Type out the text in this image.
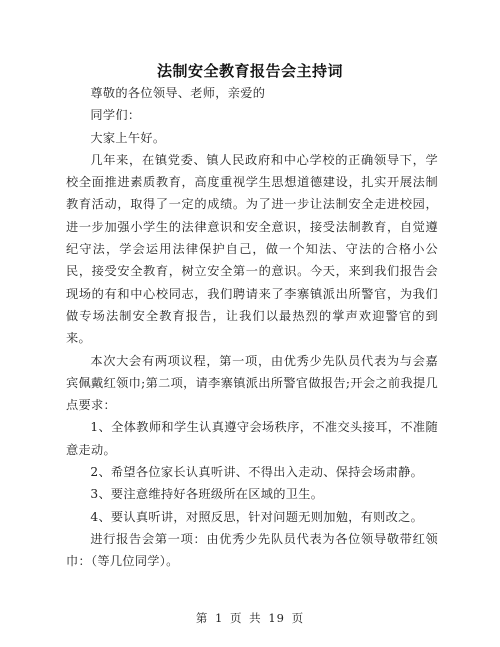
法制安全教育报告会主持词

尊敬的各位领导、老师，亲爱的

同学们：

大家上午好。

几年来，在镇党委、镇人民政府和中心学校的正确领导下，学校全面推进素质教育，高度重视学生思想道德建设，扎实开展法制教育活动，取得了一定的成绩。为了进一步让法制安全走进校园，进一步加强小学生的法律意识和安全意识，接受法制教育，自觉遵纪守法，学会运用法律保护自己，做一个知法、守法的合格小公民，接受安全教育，树立安全第一的意识。今天，来到我们报告会现场的有和中心校同志，我们聘请来了李寨镇派出所警官，为我们做专场法制安全教育报告，让我们以最热烈的掌声欢迎警官的到来。

本次大会有两项议程，第一项，由优秀少先队员代表为与会嘉宾佩戴红领巾;第二项，请李寨镇派出所警官做报告;开会之前我提几点要求：

1、全体教师和学生认真遵守会场秩序，不准交头接耳，不准随意走动。

2、希望各位家长认真听讲、不得出入走动、保持会场肃静。

3、要注意维持好各班级所在区域的卫生。

4、要认真听讲，对照反思，针对问题无则加勉，有则改之。

进行报告会第一项：由优秀少先队员代表为各位领导敬带红领巾：（等几位同学）。

第 1 页 共 19 页
